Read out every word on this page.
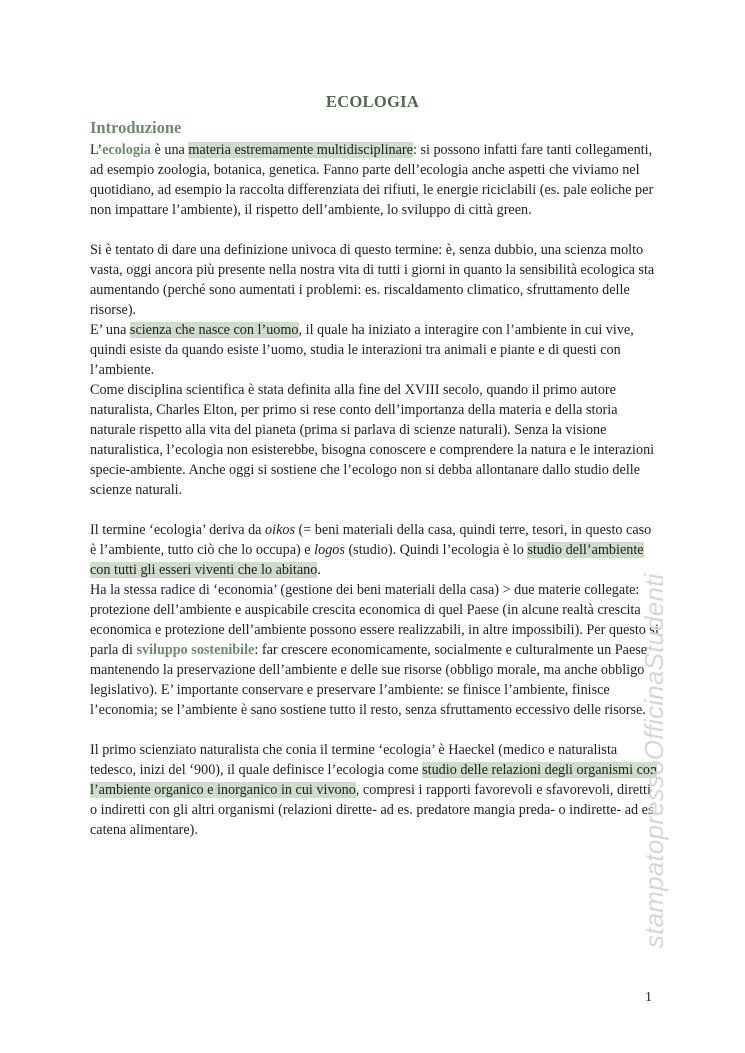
ECOLOGIA
Introduzione

L’ecologia è una materia estremamente multidisciplinare: si possono infatti fare tanti collegamenti, ad esempio zoologia, botanica, genetica. Fanno parte dell’ecologia anche aspetti che viviamo nel quotidiano, ad esempio la raccolta differenziata dei rifiuti, le energie riciclabili (es. pale eoliche per non impattare l’ambiente), il rispetto dell’ambiente, lo sviluppo di città green.

Si è tentato di dare una definizione univoca di questo termine: è, senza dubbio, una scienza molto vasta, oggi ancora più presente nella nostra vita di tutti i giorni in quanto la sensibilità ecologica sta aumentando (perché sono aumentati i problemi: es. riscaldamento climatico, sfruttamento delle risorse).

E’ una scienza che nasce con l’uomo, il quale ha iniziato a interagire con l’ambiente in cui vive, quindi esiste da quando esiste l’uomo, studia le interazioni tra animali e piante e di questi con l’ambiente.

Come disciplina scientifica è stata definita alla fine del XVIII secolo, quando il primo autore naturalista, Charles Elton, per primo si rese conto dell’importanza della materia e della storia naturale rispetto alla vita del pianeta (prima si parlava di scienze naturali). Senza la visione naturalistica, l’ecologia non esisterebbe, bisogna conoscere e comprendere la natura e le interazioni specie-ambiente. Anche oggi si sostiene che l’ecologo non si debba allontanare dallo studio delle scienze naturali.

Il termine ‘ecologia’ deriva da oikos (= beni materiali della casa, quindi terre, tesori, in questo caso è l’ambiente, tutto ciò che lo occupa) e logos (studio). Quindi l’ecologia è lo studio dell’ambiente con tutti gli esseri viventi che lo abitano.

Ha la stessa radice di ‘economia’ (gestione dei beni materiali della casa) > due materie collegate: protezione dell’ambiente e auspicabile crescita economica di quel Paese (in alcune realtà crescita economica e protezione dell’ambiente possono essere realizzabili, in altre impossibili). Per questo si parla di sviluppo sostenibile: far crescere economicamente, socialmente e culturalmente un Paese mantenendo la preservazione dell’ambiente e delle sue risorse (obbligo morale, ma anche obbligo legislativo). E’ importante conservare e preservare l’ambiente: se finisce l’ambiente, finisce l’economia; se l’ambiente è sano sostiene tutto il resto, senza sfruttamento eccessivo delle risorse.

Il primo scienziato naturalista che conia il termine ‘ecologia’ è Haeckel (medico e naturalista tedesco, inizi del ‘900), il quale definisce l’ecologia come studio delle relazioni degli organismi con l’ambiente organico e inorganico in cui vivono, compresi i rapporti favorevoli e sfavorevoli, diretti o indiretti con gli altri organismi (relazioni dirette- ad es. predatore mangia preda- o indirette- ad es. catena alimentare).	stampatopressoOfficinaStudenti
1
